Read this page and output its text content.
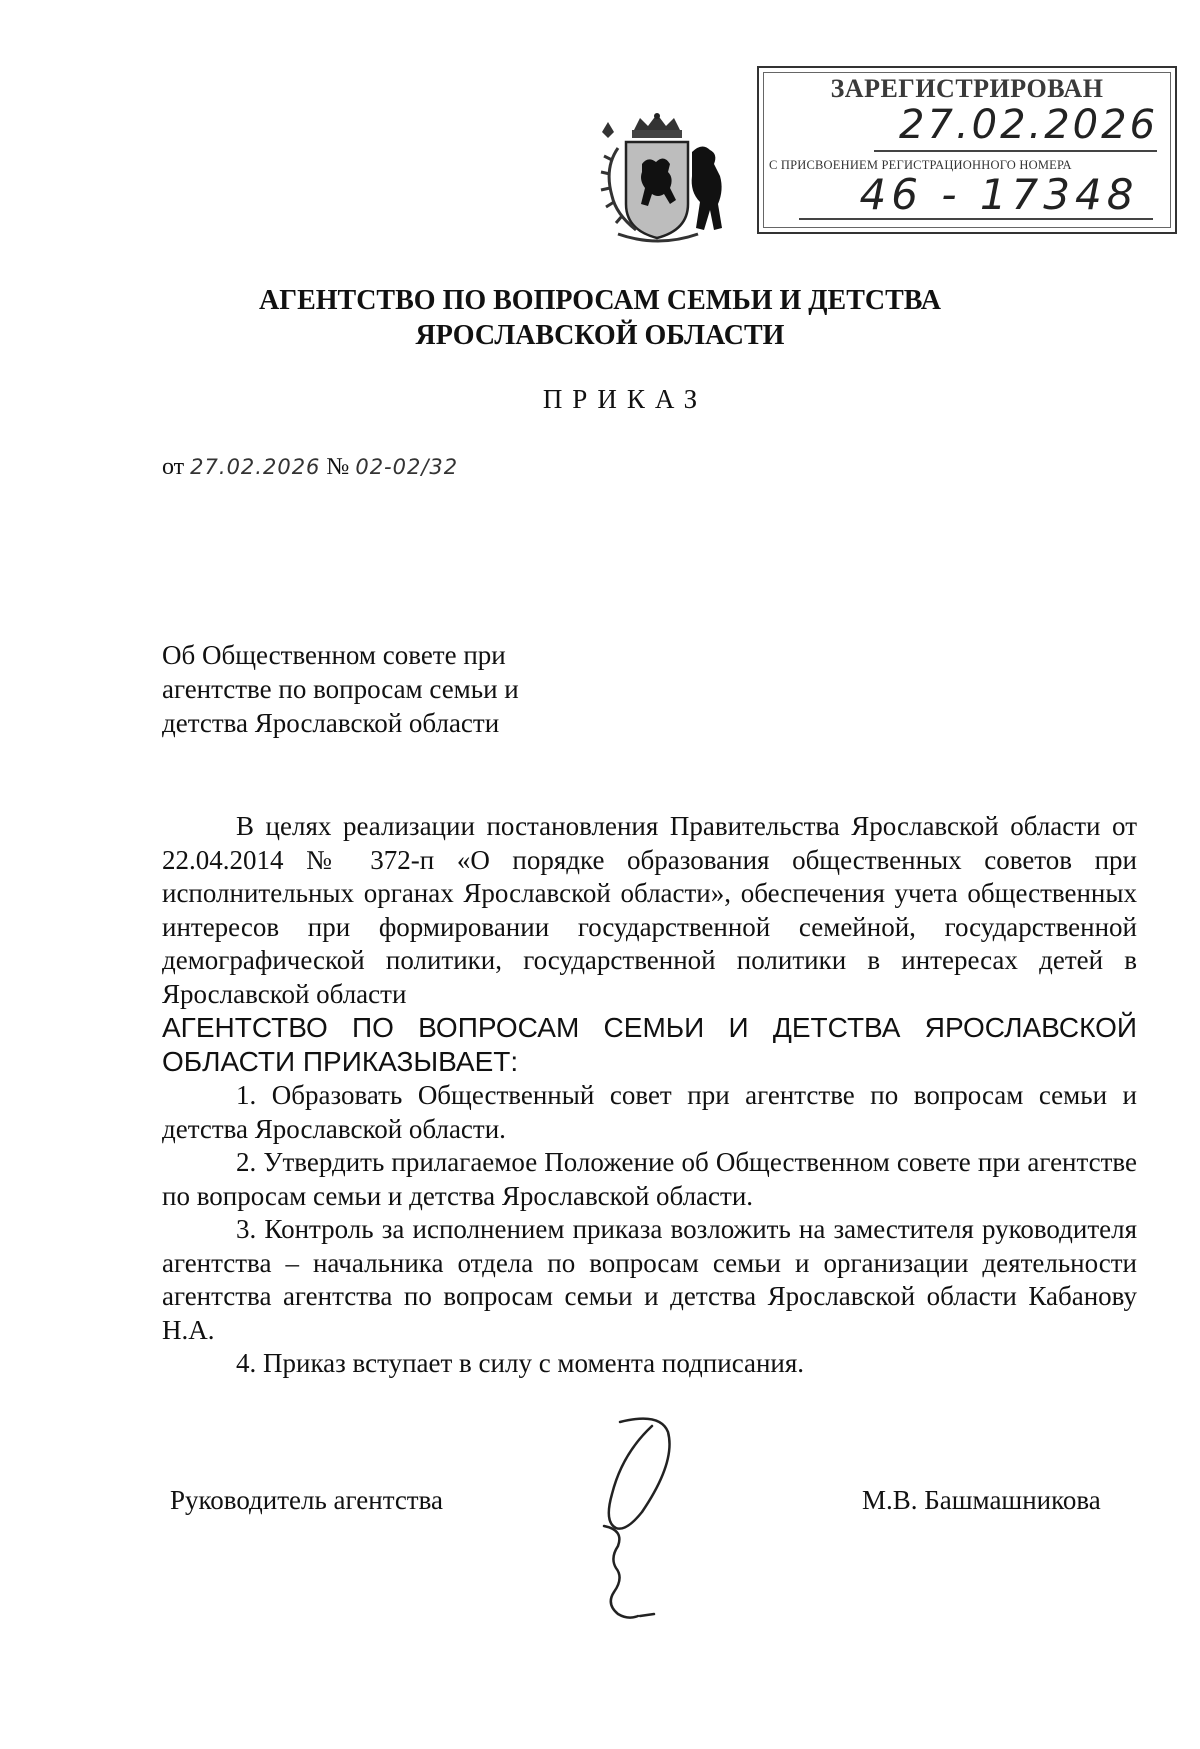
ЗАРЕГИСТРИРОВАН
27.02.2026
С ПРИСВОЕНИЕМ РЕГИСТРАЦИОННОГО НОМЕРА
46 - 17348
АГЕНТСТВО ПО ВОПРОСАМ СЕМЬИ И ДЕТСТВА
ЯРОСЛАВСКОЙ ОБЛАСТИ
ПРИКАЗ
от 27.02.2026 № 02-02/32
Об Общественном совете при
агентстве по вопросам семьи и
детства Ярославской области

В целях реализации постановления Правительства Ярославской области от 22.04.2014 № 372-п «О порядке образования общественных советов при исполнительных органах Ярославской области», обеспечения учета общественных интересов при формировании государственной семейной, государственной демографической политики, государственной политики в интересах детей в Ярославской области

АГЕНТСТВО ПО ВОПРОСАМ СЕМЬИ И ДЕТСТВА ЯРОСЛАВСКОЙ ОБЛАСТИ ПРИКАЗЫВАЕТ:

1. Образовать Общественный совет при агентстве по вопросам семьи и детства Ярославской области.

2. Утвердить прилагаемое Положение об Общественном совете при агентстве по вопросам семьи и детства Ярославской области.

3. Контроль за исполнением приказа возложить на заместителя руководителя агентства – начальника отдела по вопросам семьи и организации деятельности агентства агентства по вопросам семьи и детства Ярославской области Кабанову Н.А.

4. Приказ вступает в силу с момента подписания.

Руководитель агентства	М.В. Башмашникова
